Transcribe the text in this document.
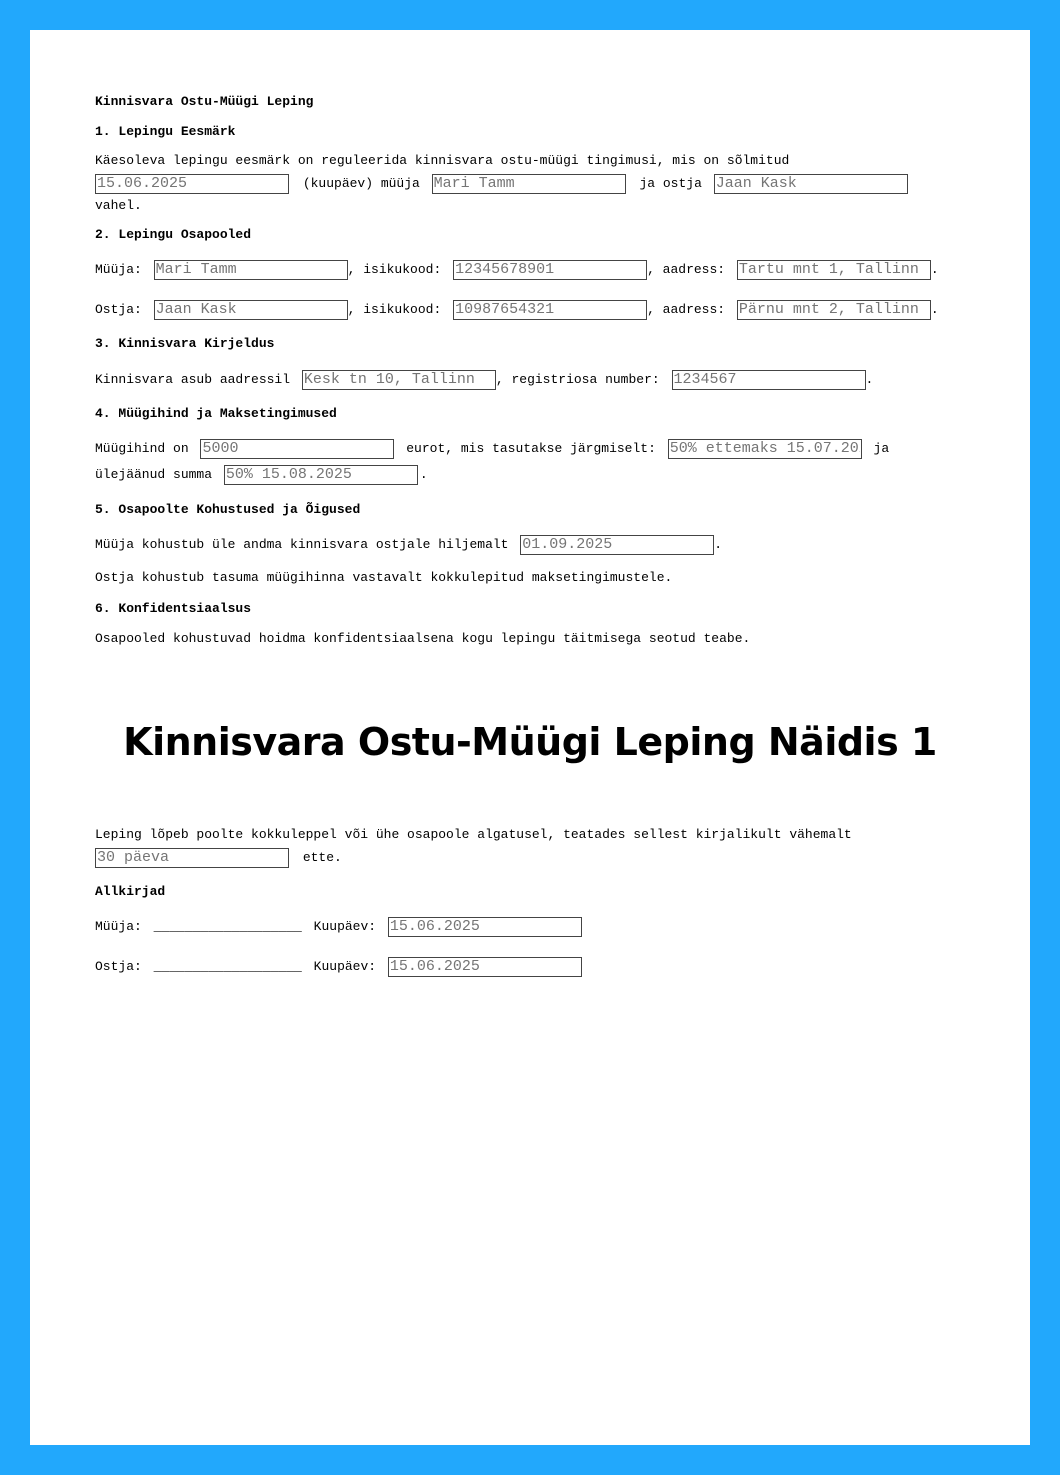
Kinnisvara Ostu-Müügi Leping
1. Lepingu Eesmärk
Käesoleva lepingu eesmärk on reguleerida kinnisvara ostu-müügi tingimusi, mis on sõlmitud
15.06.2025 (kuupäev) müüja Mari Tamm	ja ostja Jaan Kask
vahel.
2. Lepingu Osapooled
Müüja: Mari Tamm	, isikukood: 12345678901	, aadress: Tartu mnt 1, Tallinn	.
Ostja: Jaan Kask	, isikukood: 10987654321	, aadress: Pärnu mnt 2, Tallinn	.
3. Kinnisvara Kirjeldus
Kinnisvara asub aadressil Kesk tn 10, Tallinn	, registriosa number: 1234567	.
4. Müügihind ja Maksetingimused
Müügihind on 5000	eurot, mis tasutakse järgmiselt: 50% ettemaks 15.07.2025	ja
ülejäänud summa 50% 15.08.2025	.
5. Osapoolte Kohustused ja Õigused
Müüja kohustub üle andma kinnisvara ostjale hiljemalt 01.09.2025	.
Ostja kohustub tasuma müügihinna vastavalt kokkulepitud maksetingimustele.
6. Konfidentsiaalsus
Osapooled kohustuvad hoidma konfidentsiaalsena kogu lepingu täitmisega seotud teabe.
Kinnisvara Ostu-Müügi Leping Näidis 1
Leping lõpeb poolte kokkuleppel või ühe osapoole algatusel, teatades sellest kirjalikult vähemalt
30 päeva ette.
Allkirjad
Müüja: ___________________ Kuupäev: 15.06.2025
Ostja: ___________________ Kuupäev: 15.06.2025
